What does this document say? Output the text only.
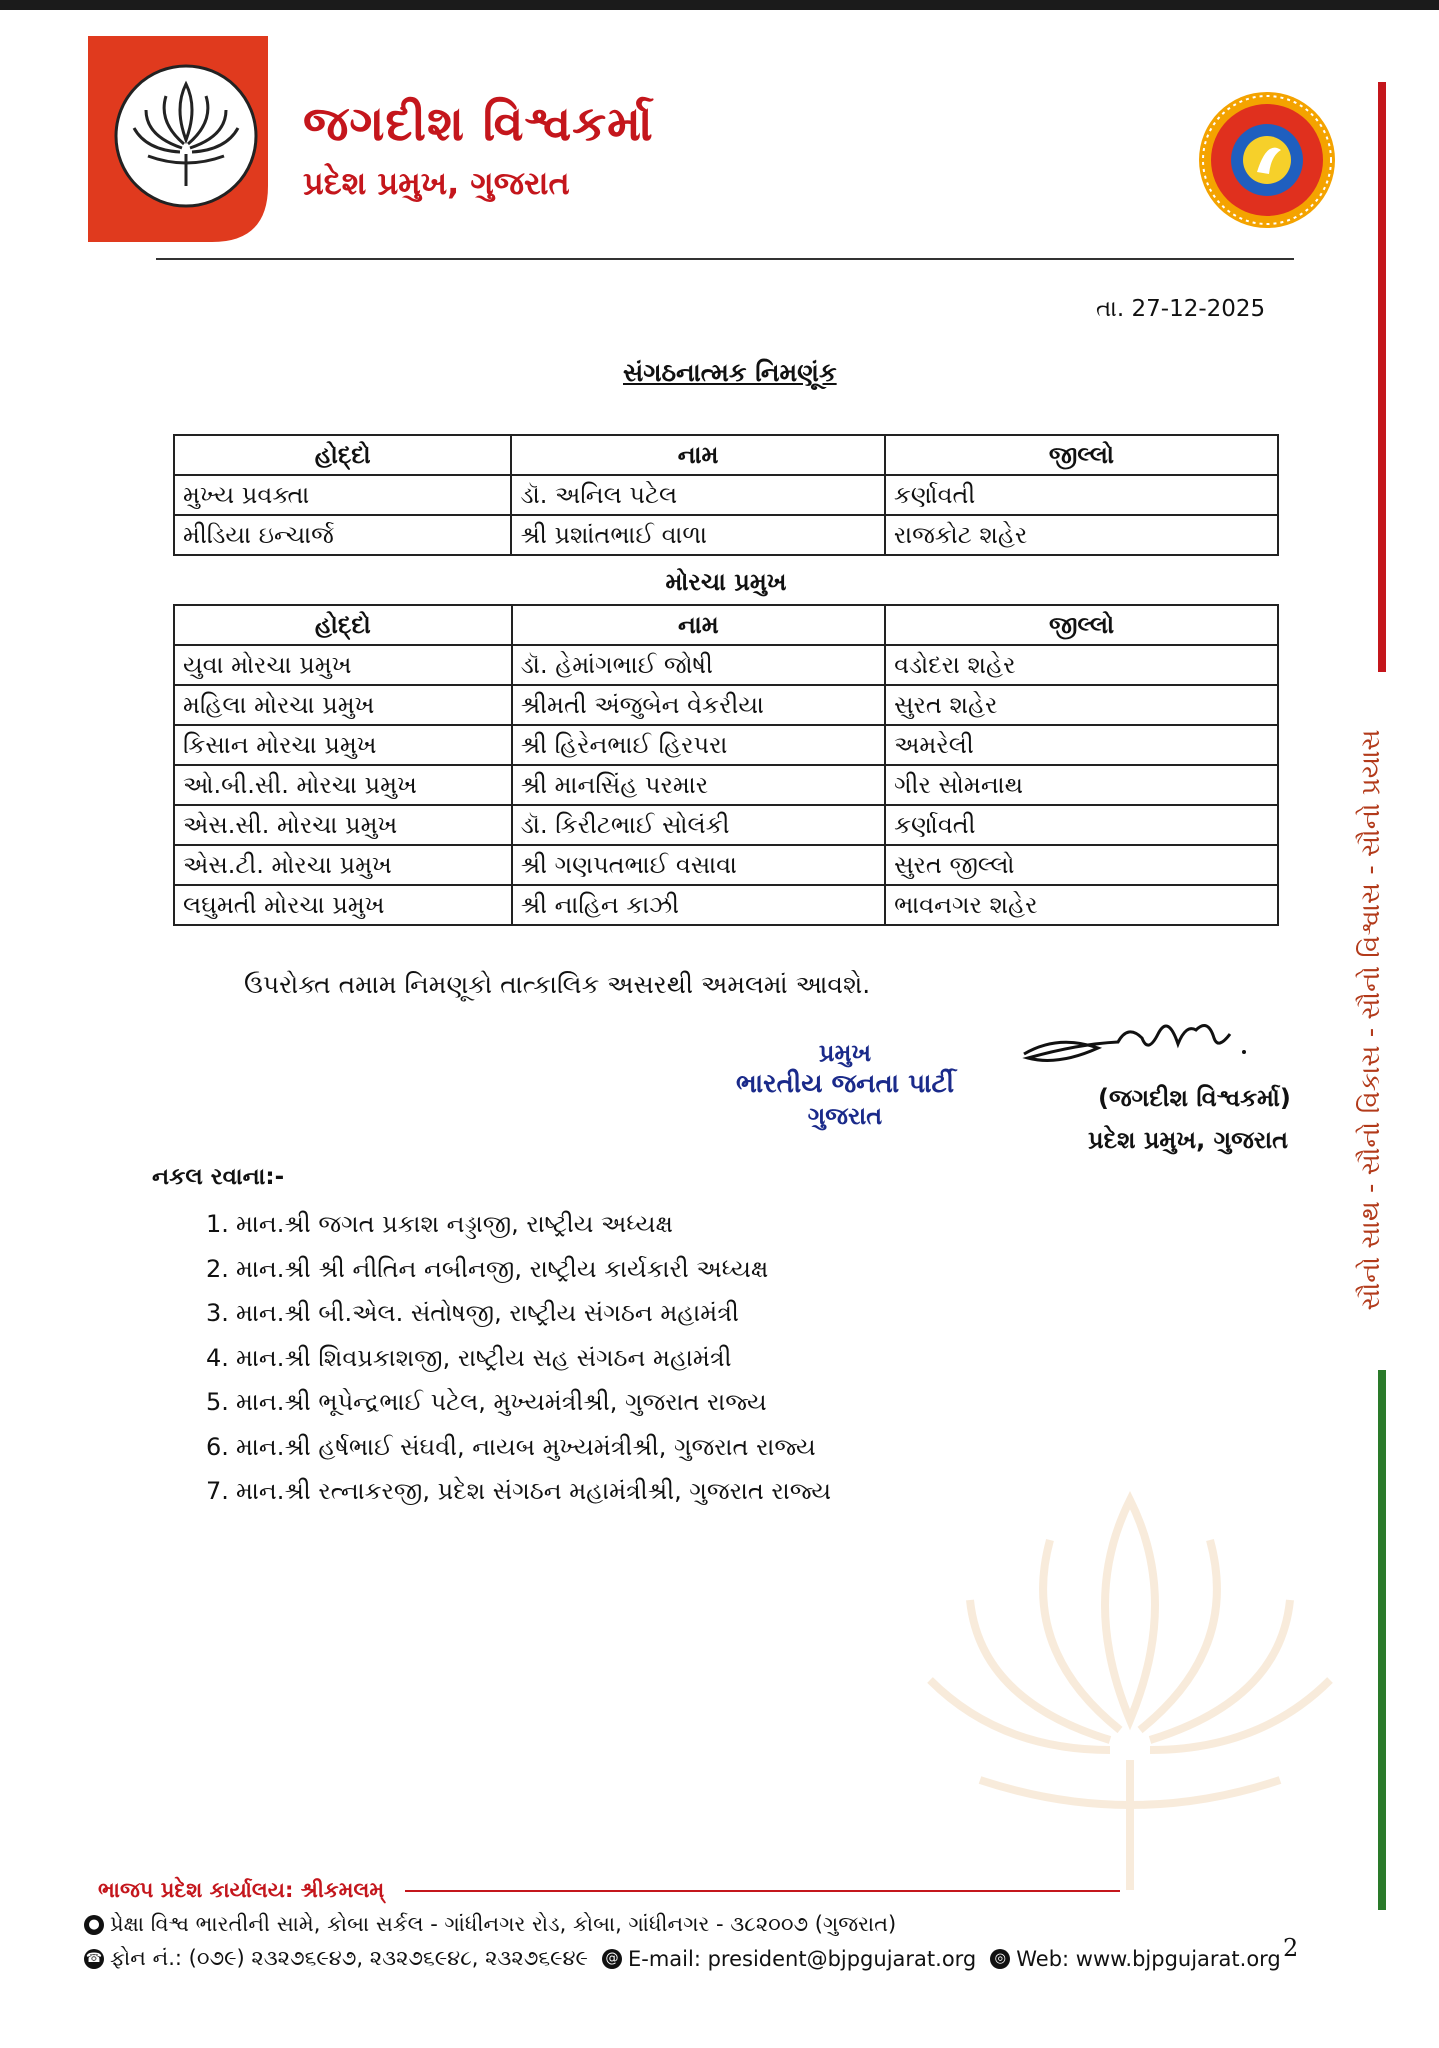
જગદીશ વિશ્વકર્મા
પ્રદેશ પ્રમુખ, ગુજરાત
સૌનો સાથ - સૌનો વિકાસ - સૌનો વિશ્વાસ - સૌનો પ્રયાસ
તા. 27-12-2025
સંગઠનાત્મક નિમણૂંક
હોદ્દો	નામ	જીલ્લો
મુખ્ય પ્રવક્તા	ડૉ. અનિલ પટેલ	કર્ણાવતી
મીડિયા ઇન્ચાર્જ	શ્રી પ્રશાંતભાઈ વાળા	રાજકોટ શહેર
મોરચા પ્રમુખ
હોદ્દો	નામ	જીલ્લો
યુવા મોરચા પ્રમુખ	ડૉ. હેમાંગભાઈ જોષી	વડોદરા શહેર
મહિલા મોરચા પ્રમુખ	શ્રીમતી અંજુબેન વેકરીયા	સુરત શહેર
કિસાન મોરચા પ્રમુખ	શ્રી હિરેનભાઈ હિરપરા	અમરેલી
ઓ.બી.સી. મોરચા પ્રમુખ	શ્રી માનસિંહ પરમાર	ગીર સોમનાથ
એસ.સી. મોરચા પ્રમુખ	ડૉ. કિરીટભાઈ સોલંકી	કર્ણાવતી
એસ.ટી. મોરચા પ્રમુખ	શ્રી ગણપતભાઈ વસાવા	સુરત જીલ્લો
લઘુમતી મોરચા પ્રમુખ	શ્રી નાહિન કાઝી	ભાવનગર શહેર
ઉપરોક્ત તમામ નિમણૂકો તાત્કાલિક અસરથી અમલમાં આવશે.
પ્રમુખ
ભારતીય જનતા પાર્ટી
ગુજરાત
(જગદીશ વિશ્વકર્મા)
પ્રદેશ પ્રમુખ, ગુજરાત
નકલ રવાના:-
1. માન.શ્રી જગત પ્રકાશ નડ્ડાજી, રાષ્ટ્રીય અધ્યક્ષ
2. માન.શ્રી શ્રી નીતિન નબીનજી, રાષ્ટ્રીય કાર્યકારી અધ્યક્ષ
3. માન.શ્રી બી.એલ. સંતોષજી, રાષ્ટ્રીય સંગઠન મહામંત્રી
4. માન.શ્રી શિવપ્રકાશજી, રાષ્ટ્રીય સહ સંગઠન મહામંત્રી
5. માન.શ્રી ભૂપેન્દ્રભાઈ પટેલ, મુખ્યમંત્રીશ્રી, ગુજરાત રાજ્ય
6. માન.શ્રી હર્ષભાઈ સંઘવી, નાયબ મુખ્યમંત્રીશ્રી, ગુજરાત રાજ્ય
7. માન.શ્રી રત્નાકરજી, પ્રદેશ સંગઠન મહામંત્રીશ્રી, ગુજરાત રાજ્ય
ભાજપ પ્રદેશ કાર્યાલય: શ્રીકમલમ્
● પ્રેક્ષા વિશ્વ ભારતીની સામે, કોબા સર્કલ - ગાંધીનગર રોડ, કોબા, ગાંધીનગર - ૩૮૨૦૦૭ (ગુજરાત)
☎ ફોન નં.: (૦૭૯) ૨૩૨૭૬૯૪૭, ૨૩૨૭૬૯૪૮, ૨૩૨૭૬૯૪૯ @ E-mail: president@bjpgujarat.org	◎ Web: www.bjpgujarat.org 2
